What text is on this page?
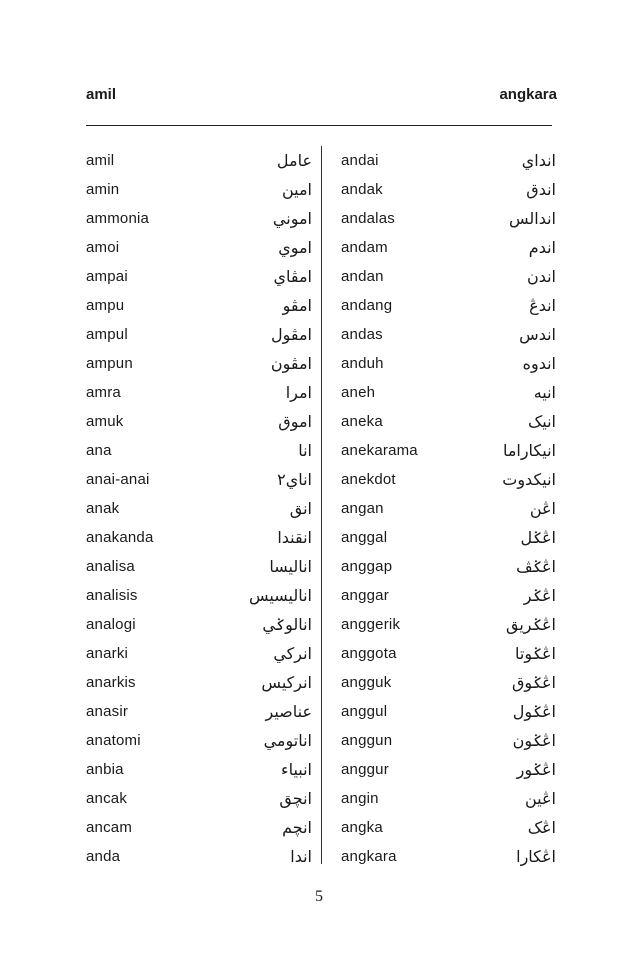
amil	angkara
amil	عامل
amin	امين
ammonia	اموني
amoi	اموي
ampai	امڤاي
ampu	امڤو
ampul	امڤول
ampun	امڤون
amra	امرا
amuk	اموق
ana	انا
anai-anai	اناي٢
anak	انق
anakanda	انقندا
analisa	اناليسا
analisis	اناليسيس
analogi	انالوݢي
anarki	انرکي
anarkis	انرکيس
anasir	عناصير
anatomi	اناتومي
anbia	انبياء
ancak	انچق
ancam	انچم
anda	اندا
andai	انداي
andak	اندق
andalas	اندالس
andam	اندم
andan	اندن
andang	اندڠ
andas	اندس
anduh	اندوه
aneh	انيه
aneka	انيک
anekarama	انيکاراما
anekdot	انيکدوت
angan	اڠن
anggal	اڠݢل
anggap	اڠݢڤ
anggar	اڠݢر
anggerik	اڠݢريق
anggota	اڠݢوتا
angguk	اڠݢوق
anggul	اڠݢول
anggun	اڠݢون
anggur	اڠݢور
angin	اڠين
angka	اڠک
angkara	اڠکارا
5
